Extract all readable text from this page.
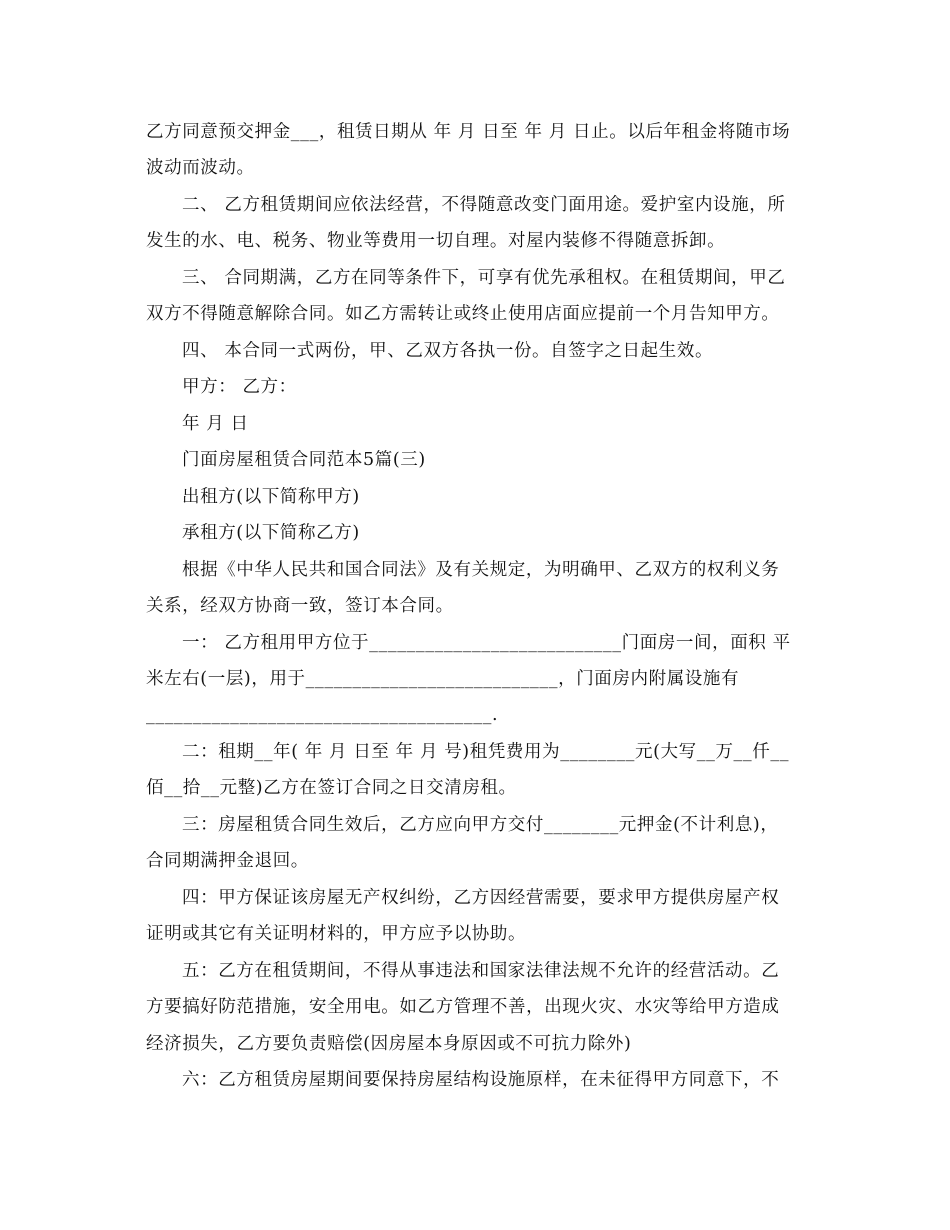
乙方同意预交押金___，租赁日期从 年 月 日至 年 月 日止。以后年租金将随市场
波动而波动。
二、 乙方租赁期间应依法经营，不得随意改变门面用途。爱护室内设施，所
发生的水、电、税务、物业等费用一切自理。对屋内装修不得随意拆卸。
三、 合同期满，乙方在同等条件下，可享有优先承租权。在租赁期间，甲乙
双方不得随意解除合同。如乙方需转让或终止使用店面应提前一个月告知甲方。
四、 本合同一式两份，甲、乙双方各执一份。自签字之日起生效。
甲方： 乙方：
年 月 日
门面房屋租赁合同范本5篇(三)
出租方(以下简称甲方)
承租方(以下简称乙方)
根据《中华人民共和国合同法》及有关规定，为明确甲、乙双方的权利义务
关系，经双方协商一致，签订本合同。
一： 乙方租用甲方位于___________________________门面房一间，面积 平
米左右(一层)，用于___________________________，门面房内附属设施有
_____________________________________.
二：租期__年( 年 月 日至 年 月 号)租凭费用为________元(大写__万__仟__
佰__拾__元整)乙方在签订合同之日交清房租。
三：房屋租赁合同生效后，乙方应向甲方交付________元押金(不计利息)，
合同期满押金退回。
四：甲方保证该房屋无产权纠纷，乙方因经营需要，要求甲方提供房屋产权
证明或其它有关证明材料的，甲方应予以协助。
五：乙方在租赁期间，不得从事违法和国家法律法规不允许的经营活动。乙
方要搞好防范措施，安全用电。如乙方管理不善，出现火灾、水灾等给甲方造成
经济损失，乙方要负责赔偿(因房屋本身原因或不可抗力除外)
六：乙方租赁房屋期间要保持房屋结构设施原样，在未征得甲方同意下，不
